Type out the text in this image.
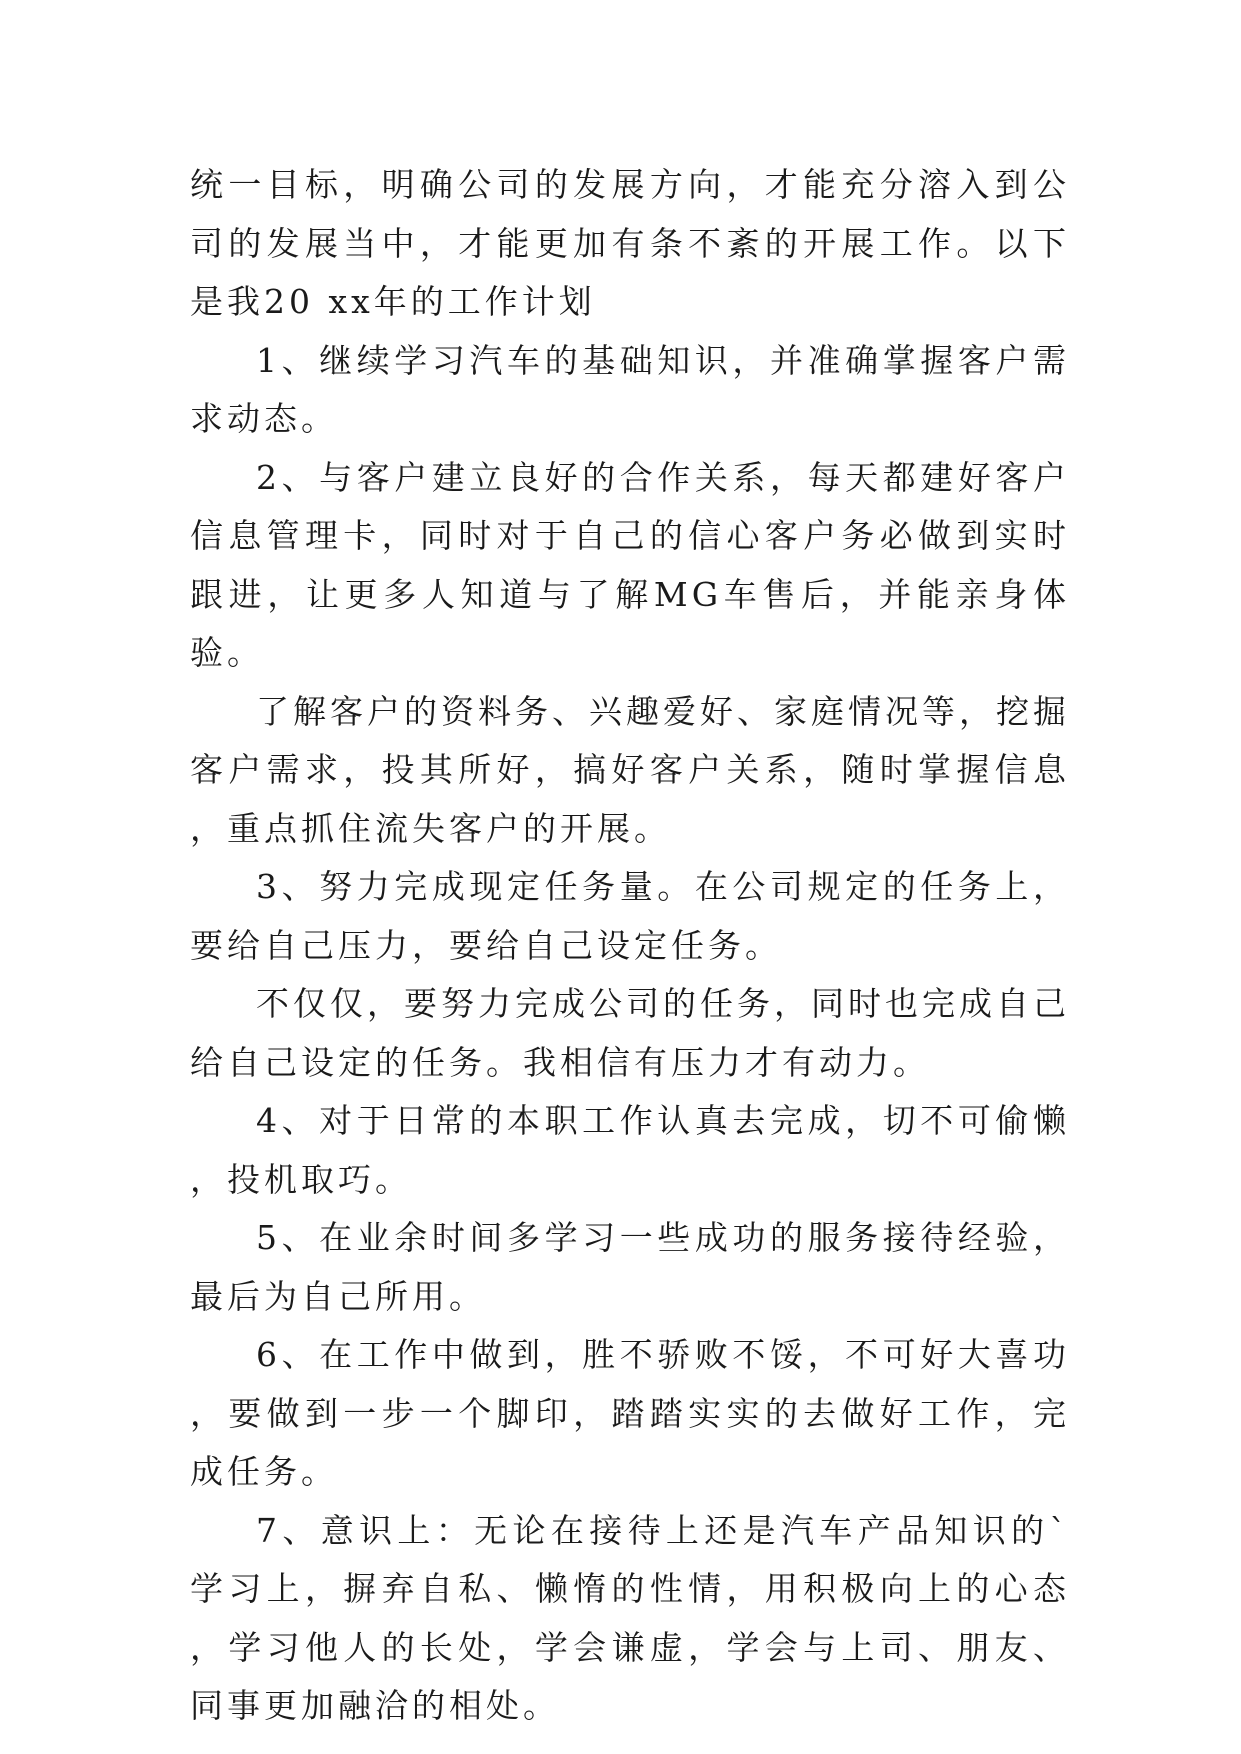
统一目标，明确公司的发展方向，才能充分溶入到公司的发展当中，才能更加有条不紊的开展工作。以下是我20 xx年的工作计划

1、继续学习汽车的基础知识，并准确掌握客户需求动态。

2、与客户建立良好的合作关系，每天都建好客户信息管理卡，同时对于自己的信心客户务必做到实时跟进，让更多人知道与了解MG车售后，并能亲身体验。

了解客户的资料务、兴趣爱好、家庭情况等，挖掘客户需求，投其所好，搞好客户关系，随时掌握信息，重点抓住流失客户的开展。

3、努力完成现定任务量。在公司规定的任务上，要给自己压力，要给自己设定任务。

不仅仅，要努力完成公司的任务，同时也完成自己给自己设定的任务。我相信有压力才有动力。

4、对于日常的本职工作认真去完成，切不可偷懒，投机取巧。

5、在业余时间多学习一些成功的服务接待经验，最后为自己所用。

6、在工作中做到，胜不骄败不馁，不可好大喜功，要做到一步一个脚印，踏踏实实的去做好工作，完成任务。

7、意识上：无论在接待上还是汽车产品知识的`学习上，摒弃自私、懒惰的性情，用积极向上的心态，学习他人的长处，学会谦虚，学会与上司、朋友、同事更加融洽的相处。
